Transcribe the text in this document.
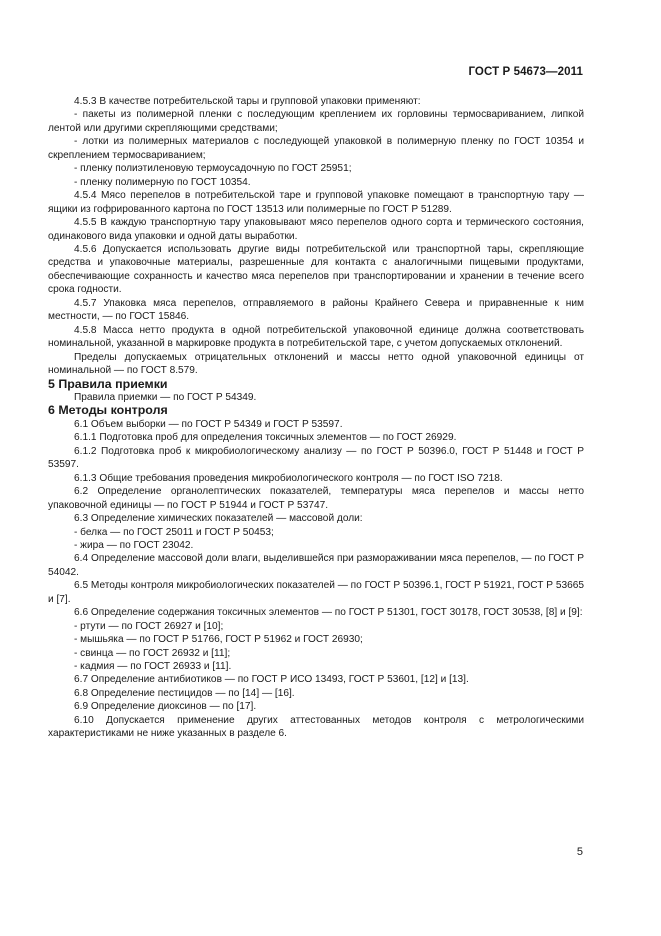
ГОСТ Р 54673—2011

4.5.3 В качестве потребительской тары и групповой упаковки применяют:

- пакеты из полимерной пленки с последующим креплением их горловины термосвариванием, липкой лентой или другими скрепляющими средствами;

- лотки из полимерных материалов с последующей упаковкой в полимерную пленку по ГОСТ 10354 и скреплением термосвариванием;

- пленку полиэтиленовую термоусадочную по ГОСТ 25951;

- пленку полимерную по ГОСТ 10354.

4.5.4 Мясо перепелов в потребительской таре и групповой упаковке помещают в транспортную тару — ящики из гофрированного картона по ГОСТ 13513 или полимерные по ГОСТ Р 51289.

4.5.5 В каждую транспортную тару упаковывают мясо перепелов одного сорта и термического состояния, одинакового вида упаковки и одной даты выработки.

4.5.6 Допускается использовать другие виды потребительской или транспортной тары, скрепляющие средства и упаковочные материалы, разрешенные для контакта с аналогичными пищевыми продуктами, обеспечивающие сохранность и качество мяса перепелов при транспортировании и хранении в течение всего срока годности.

4.5.7 Упаковка мяса перепелов, отправляемого в районы Крайнего Севера и приравненные к ним местности, — по ГОСТ 15846.

4.5.8 Масса нетто продукта в одной потребительской упаковочной единице должна соответствовать номинальной, указанной в маркировке продукта в потребительской таре, с учетом допускаемых отклонений.

Пределы допускаемых отрицательных отклонений и массы нетто одной упаковочной единицы от номинальной — по ГОСТ 8.579.

5 Правила приемки

Правила приемки — по ГОСТ Р 54349.

6 Методы контроля

6.1 Объем выборки — по ГОСТ Р 54349 и ГОСТ Р 53597.

6.1.1 Подготовка проб для определения токсичных элементов — по ГОСТ 26929.

6.1.2 Подготовка проб к микробиологическому анализу — по ГОСТ Р 50396.0, ГОСТ Р 51448 и ГОСТ Р 53597.

6.1.3 Общие требования проведения микробиологического контроля — по ГОСТ ISO 7218.

6.2 Определение органолептических показателей, температуры мяса перепелов и массы нетто упаковочной единицы — по ГОСТ Р 51944 и ГОСТ Р 53747.

6.3 Определение химических показателей — массовой доли:

- белка — по ГОСТ 25011 и ГОСТ Р 50453;

- жира — по ГОСТ 23042.

6.4 Определение массовой доли влаги, выделившейся при размораживании мяса перепелов, — по ГОСТ Р 54042.

6.5 Методы контроля микробиологических показателей — по ГОСТ Р 50396.1, ГОСТ Р 51921, ГОСТ Р 53665 и [7].

6.6 Определение содержания токсичных элементов — по ГОСТ Р 51301, ГОСТ 30178, ГОСТ 30538, [8] и [9]:

- ртути — по ГОСТ 26927 и [10];

- мышьяка — по ГОСТ Р 51766, ГОСТ Р 51962 и ГОСТ 26930;

- свинца — по ГОСТ 26932 и [11];

- кадмия — по ГОСТ 26933 и [11].

6.7 Определение антибиотиков — по ГОСТ Р ИСО 13493, ГОСТ Р 53601, [12] и [13].

6.8 Определение пестицидов — по [14] — [16].

6.9 Определение диоксинов — по [17].

6.10 Допускается применение других аттестованных методов контроля с метрологическими характеристиками не ниже указанных в разделе 6.

5
